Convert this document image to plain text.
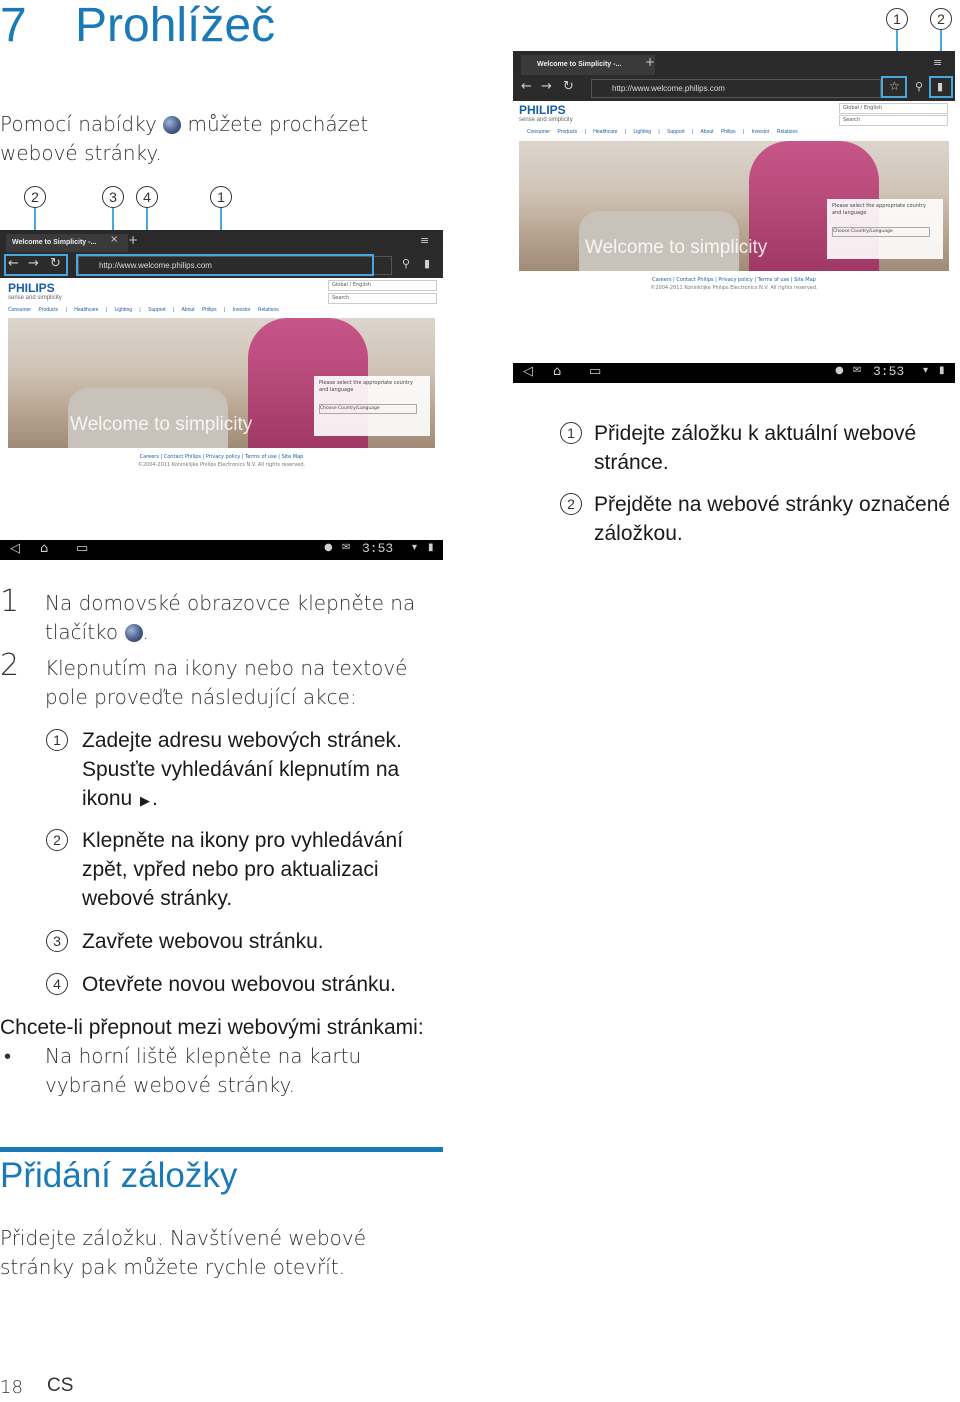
7 Prohlížeč
Pomocí nabídky můžete procházet webové stránky.
2	3	4	1
Welcome to Simplicity -...	× +	≡
← → ↻	http://www.welcome.philips.com	⚲ ▮
PHILIPS
sense and simplicity
Global / English
Search
Consumer Products | Healthcare | Lighting | Support | About Philips | Investor Relations
Welcome to simplicity
Please select the appropriate country and language
Choose Country/Language
Careers | Contact Philips | Privacy policy | Terms of use | Site Map
©2004-2011 Koninklijke Philips Electronics N.V. All rights reserved.
◁ ⌂ ▭	● ✉ 3:53 ▾ ▮
1	2
Welcome to Simplicity -...	+	≡
← → ↻	http://www.welcome.philips.com	☆ ⚲ ▮
PHILIPS
sense and simplicity
Global / English
Search
Consumer Products | Healthcare | Lighting | Support | About Philips | Investor Relations
Welcome to simplicity
Please select the appropriate country and language
Choose Country/Language
Careers | Contact Philips | Privacy policy | Terms of use | Site Map
©2004-2011 Koninklijke Philips Electronics N.V. All rights reserved.
◁ ⌂ ▭	● ✉ 3:53 ▾ ▮
1 Přidejte záložku k aktuální webové stránce.
2 Přejděte na webové stránky označené záložkou.
1 Na domovské obrazovce klepněte na tlačítko .
2 Klepnutím na ikony nebo na textové pole proveďte následující akce:
1	Zadejte adresu webových stránek. Spusťte vyhledávání klepnutím na ikonu ▶.
2	Klepněte na ikony pro vyhledávání zpět, vpřed nebo pro aktualizaci webové stránky.
3	Zavřete webovou stránku.
4	Otevřete novou webovou stránku.
Chcete-li přepnout mezi webovými stránkami:
• Na horní liště klepněte na kartu vybrané webové stránky.
Přidání záložky
Přidejte záložku. Navštívené webové stránky pak můžete rychle otevřít.
18 CS
